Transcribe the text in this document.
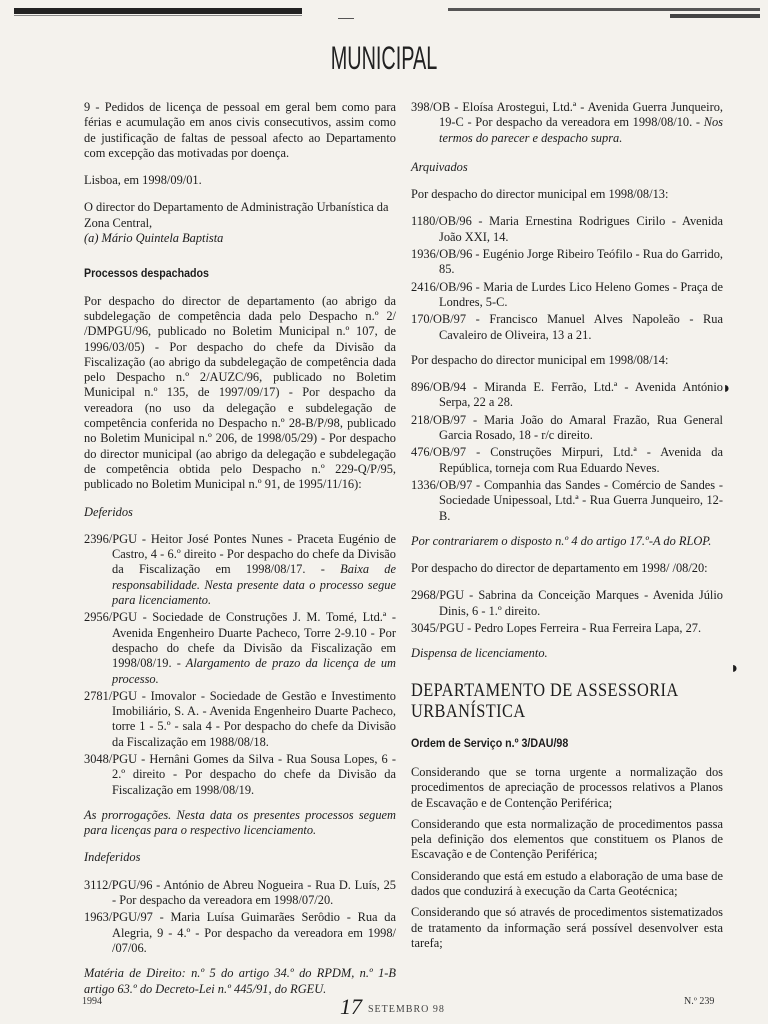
MUNICIPAL

9 - Pedidos de licença de pessoal em geral bem como para férias e acumulação em anos civis consecutivos, assim como de justificação de faltas de pessoal afecto ao Departamento com excepção das motivadas por doença.

Lisboa, em 1998/09/01.

O director do Departamento de Administração Urbanística da Zona Central,
(a) Mário Quintela Baptista
Processos despachados

Por despacho do director de departamento (ao abrigo da subdelegação de competência dada pelo Despacho n.º 2/ /DMPGU/96, publicado no Boletim Municipal n.º 107, de 1996/03/05) - Por despacho do chefe da Divisão da Fiscalização (ao abrigo da subdelegação de competência dada pelo Despacho n.º 2/AUZC/96, publicado no Boletim Municipal n.º 135, de 1997/09/17) - Por despacho da vereadora (no uso da delegação e subdelegação de competência conferida no Despacho n.º 28-B/P/98, publicado no Boletim Municipal n.º 206, de 1998/05/29) - Por despacho do director municipal (ao abrigo da delegação e subdelegação de competência obtida pelo Despacho n.º 229-Q/P/95, publicado no Boletim Municipal n.º 91, de 1995/11/16):

Deferidos
2396/PGU - Heitor José Pontes Nunes - Praceta Eugénio de Castro, 4 - 6.º direito - Por despacho do chefe da Divisão da Fiscalização em 1998/08/17. - Baixa de responsabilidade. Nesta presente data o processo segue para licenciamento.
2956/PGU - Sociedade de Construções J. M. Tomé, Ltd.ª - Avenida Engenheiro Duarte Pacheco, Torre 2-9.10 - Por despacho do chefe da Divisão da Fiscalização em 1998/08/19. - Alargamento de prazo da licença de um processo.
2781/PGU - Imovalor - Sociedade de Gestão e Investimento Imobiliário, S. A. - Avenida Engenheiro Duarte Pacheco, torre 1 - 5.º - sala 4 - Por despacho do chefe da Divisão da Fiscalização em 1988/08/18.
3048/PGU - Hernâni Gomes da Silva - Rua Sousa Lopes, 6 - 2.º direito - Por despacho do chefe da Divisão da Fiscalização em 1998/08/19.

As prorrogações. Nesta data os presentes processos seguem para licenças para o respectivo licenciamento.

Indeferidos
3112/PGU/96 - António de Abreu Nogueira - Rua D. Luís, 25 - Por despacho da vereadora em 1998/07/20.
1963/PGU/97 - Maria Luísa Guimarães Serôdio - Rua da Alegria, 9 - 4.º - Por despacho da vereadora em 1998/ /07/06.

Matéria de Direito: n.º 5 do artigo 34.º do RPDM, n.º 1-B artigo 63.º do Decreto-Lei n.º 445/91, do RGEU.

398/OB - Eloísa Arostegui, Ltd.ª - Avenida Guerra Junqueiro, 19-C - Por despacho da vereadora em 1998/08/10. - Nos termos do parecer e despacho supra.
Arquivados

Por despacho do director municipal em 1998/08/13:

1180/OB/96 - Maria Ernestina Rodrigues Cirilo - Avenida João XXI, 14.
1936/OB/96 - Eugénio Jorge Ribeiro Teófilo - Rua do Garrido, 85.
2416/OB/96 - Maria de Lurdes Lico Heleno Gomes - Praça de Londres, 5-C.
170/OB/97 - Francisco Manuel Alves Napoleão - Rua Cavaleiro de Oliveira, 13 a 21.

Por despacho do director municipal em 1998/08/14:

896/OB/94 - Miranda E. Ferrão, Ltd.ª - Avenida António Serpa, 22 a 28.
218/OB/97 - Maria João do Amaral Frazão, Rua General Garcia Rosado, 18 - r/c direito.
476/OB/97 - Construções Mirpuri, Ltd.ª - Avenida da República, torneja com Rua Eduardo Neves.
1336/OB/97 - Companhia das Sandes - Comércio de Sandes - Sociedade Unipessoal, Ltd.ª - Rua Guerra Junqueiro, 12-B.

Por contrariarem o disposto n.º 4 do artigo 17.º-A do RLOP.

Por despacho do director de departamento em 1998/ /08/20:

2968/PGU - Sabrina da Conceição Marques - Avenida Júlio Dinis, 6 - 1.º direito.
3045/PGU - Pedro Lopes Ferreira - Rua Ferreira Lapa, 27.

Dispensa de licenciamento.

DEPARTAMENTO DE ASSESSORIA URBANÍSTICA
Ordem de Serviço n.º 3/DAU/98

Considerando que se torna urgente a normalização dos procedimentos de apreciação de processos relativos a Planos de Escavação e de Contenção Periférica;

Considerando que esta normalização de procedimentos passa pela definição dos elementos que constituem os Planos de Escavação e de Contenção Periférica;

Considerando que está em estudo a elaboração de uma base de dados que conduzirá à execução da Carta Geotécnica;

Considerando que só através de procedimentos sistematizados de tratamento da informação será possível desenvolver esta tarefa;

◗
◗
1994	17 SETEMBRO 98
N.º 239
